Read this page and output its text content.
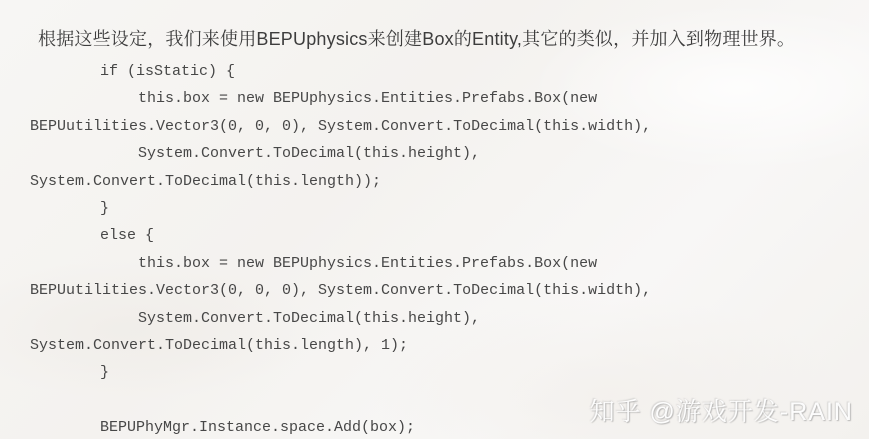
根据这些设定，我们来使用BEPUphysics来创建Box的Entity,其它的类似，并加入到物理世界。

if (isStatic) {
this.box = new BEPUphysics.Entities.Prefabs.Box(new
BEPUutilities.Vector3(0, 0, 0), System.Convert.ToDecimal(this.width),
System.Convert.ToDecimal(this.height),
System.Convert.ToDecimal(this.length));
}
else {
this.box = new BEPUphysics.Entities.Prefabs.Box(new
BEPUutilities.Vector3(0, 0, 0), System.Convert.ToDecimal(this.width),
System.Convert.ToDecimal(this.height),
System.Convert.ToDecimal(this.length), 1);
}
BEPUPhyMgr.Instance.space.Add(box);
知乎 @游戏开发-RAIN
